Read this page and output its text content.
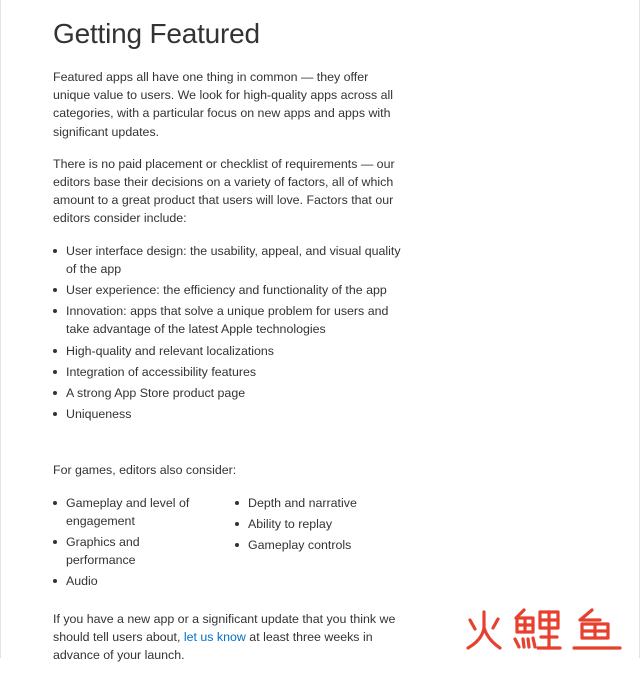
Getting Featured

Featured apps all have one thing in common — they offer unique value to users. We look for high-quality apps across all categories, with a particular focus on new apps and apps with significant updates.

There is no paid placement or checklist of requirements — our editors base their decisions on a variety of factors, all of which amount to a great product that users will love. Factors that our editors consider include:

User interface design: the usability, appeal, and visual quality of the app
User experience: the efficiency and functionality of the app
Innovation: apps that solve a unique problem for users and take advantage of the latest Apple technologies
High-quality and relevant localizations
Integration of accessibility features
A strong App Store product page
Uniqueness

For games, editors also consider:

Gameplay and level of engagement
Graphics and performance
Audio
Depth and narrative
Ability to replay
Gameplay controls

If you have a new app or a significant update that you think we should tell users about, let us know at least three weeks in advance of your launch.
